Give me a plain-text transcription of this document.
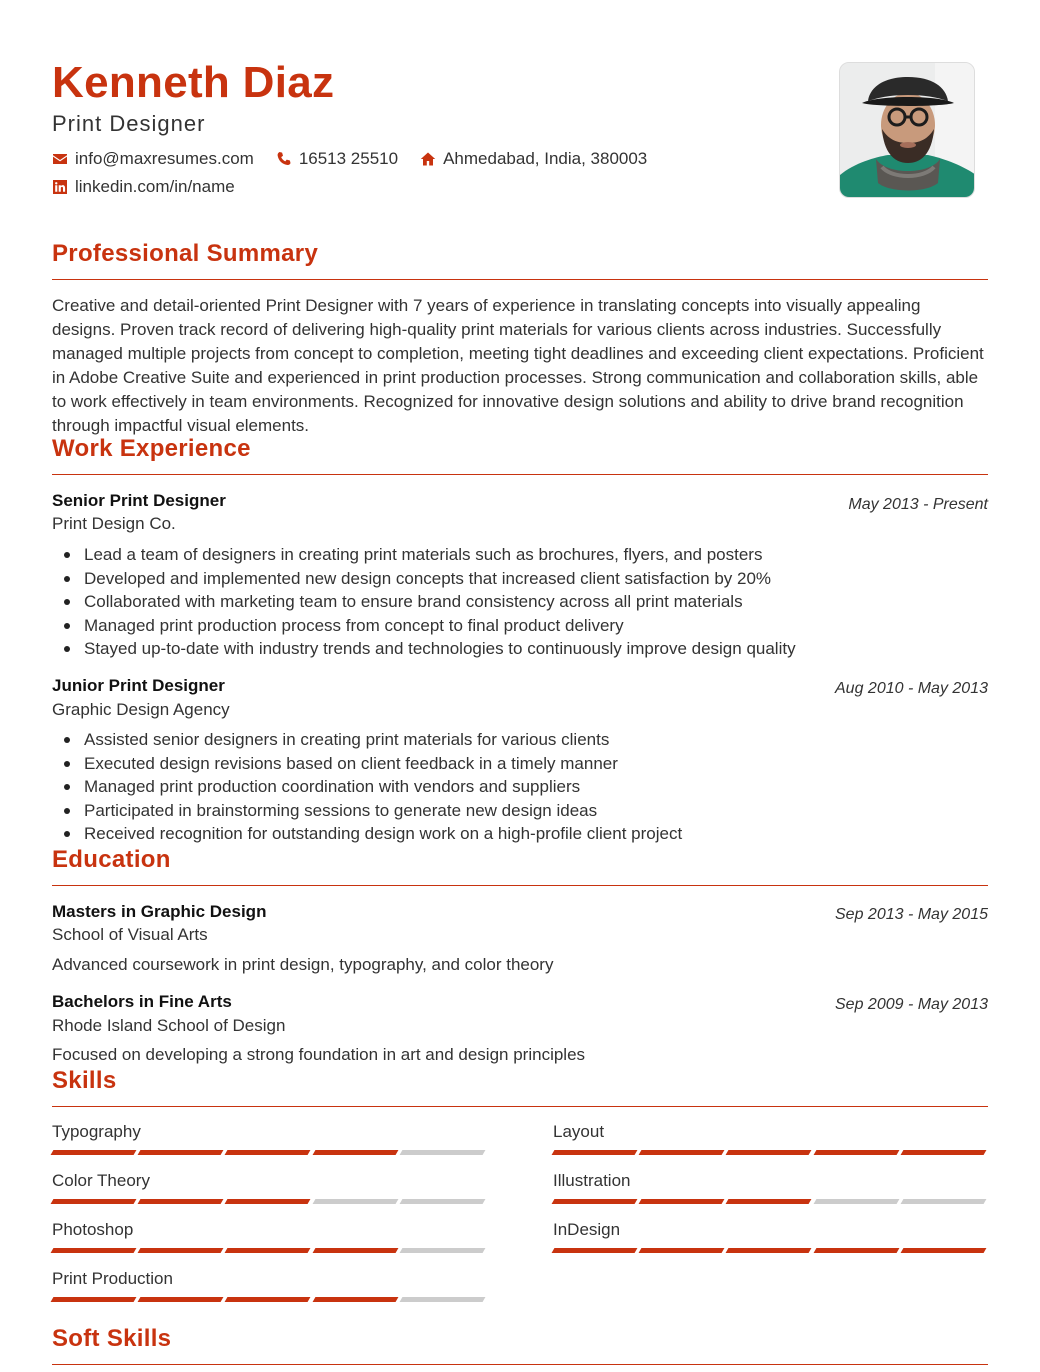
Kenneth Diaz
Print Designer
info@maxresumes.com	16513 25510	Ahmedabad, India, 380003
linkedin.com/in/name
Professional Summary
Creative and detail-oriented Print Designer with 7 years of experience in translating concepts into visually appealing designs. Proven track record of delivering high-quality print materials for various clients across industries. Successfully managed multiple projects from concept to completion, meeting tight deadlines and exceeding client expectations. Proficient in Adobe Creative Suite and experienced in print production processes. Strong communication and collaboration skills, able to work effectively in team environments. Recognized for innovative design solutions and ability to drive brand recognition through impactful visual elements.
Work Experience
Senior Print Designer	May 2013 - Present
Print Design Co.
Lead a team of designers in creating print materials such as brochures, flyers, and posters
Developed and implemented new design concepts that increased client satisfaction by 20%
Collaborated with marketing team to ensure brand consistency across all print materials
Managed print production process from concept to final product delivery
Stayed up-to-date with industry trends and technologies to continuously improve design quality
Junior Print Designer	Aug 2010 - May 2013
Graphic Design Agency
Assisted senior designers in creating print materials for various clients
Executed design revisions based on client feedback in a timely manner
Managed print production coordination with vendors and suppliers
Participated in brainstorming sessions to generate new design ideas
Received recognition for outstanding design work on a high-profile client project
Education
Masters in Graphic Design	Sep 2013 - May 2015
School of Visual Arts
Advanced coursework in print design, typography, and color theory
Bachelors in Fine Arts	Sep 2009 - May 2013
Rhode Island School of Design
Focused on developing a strong foundation in art and design principles
Skills
Typography	Layout
Color Theory	Illustration
Photoshop	InDesign
Print Production
Soft Skills
